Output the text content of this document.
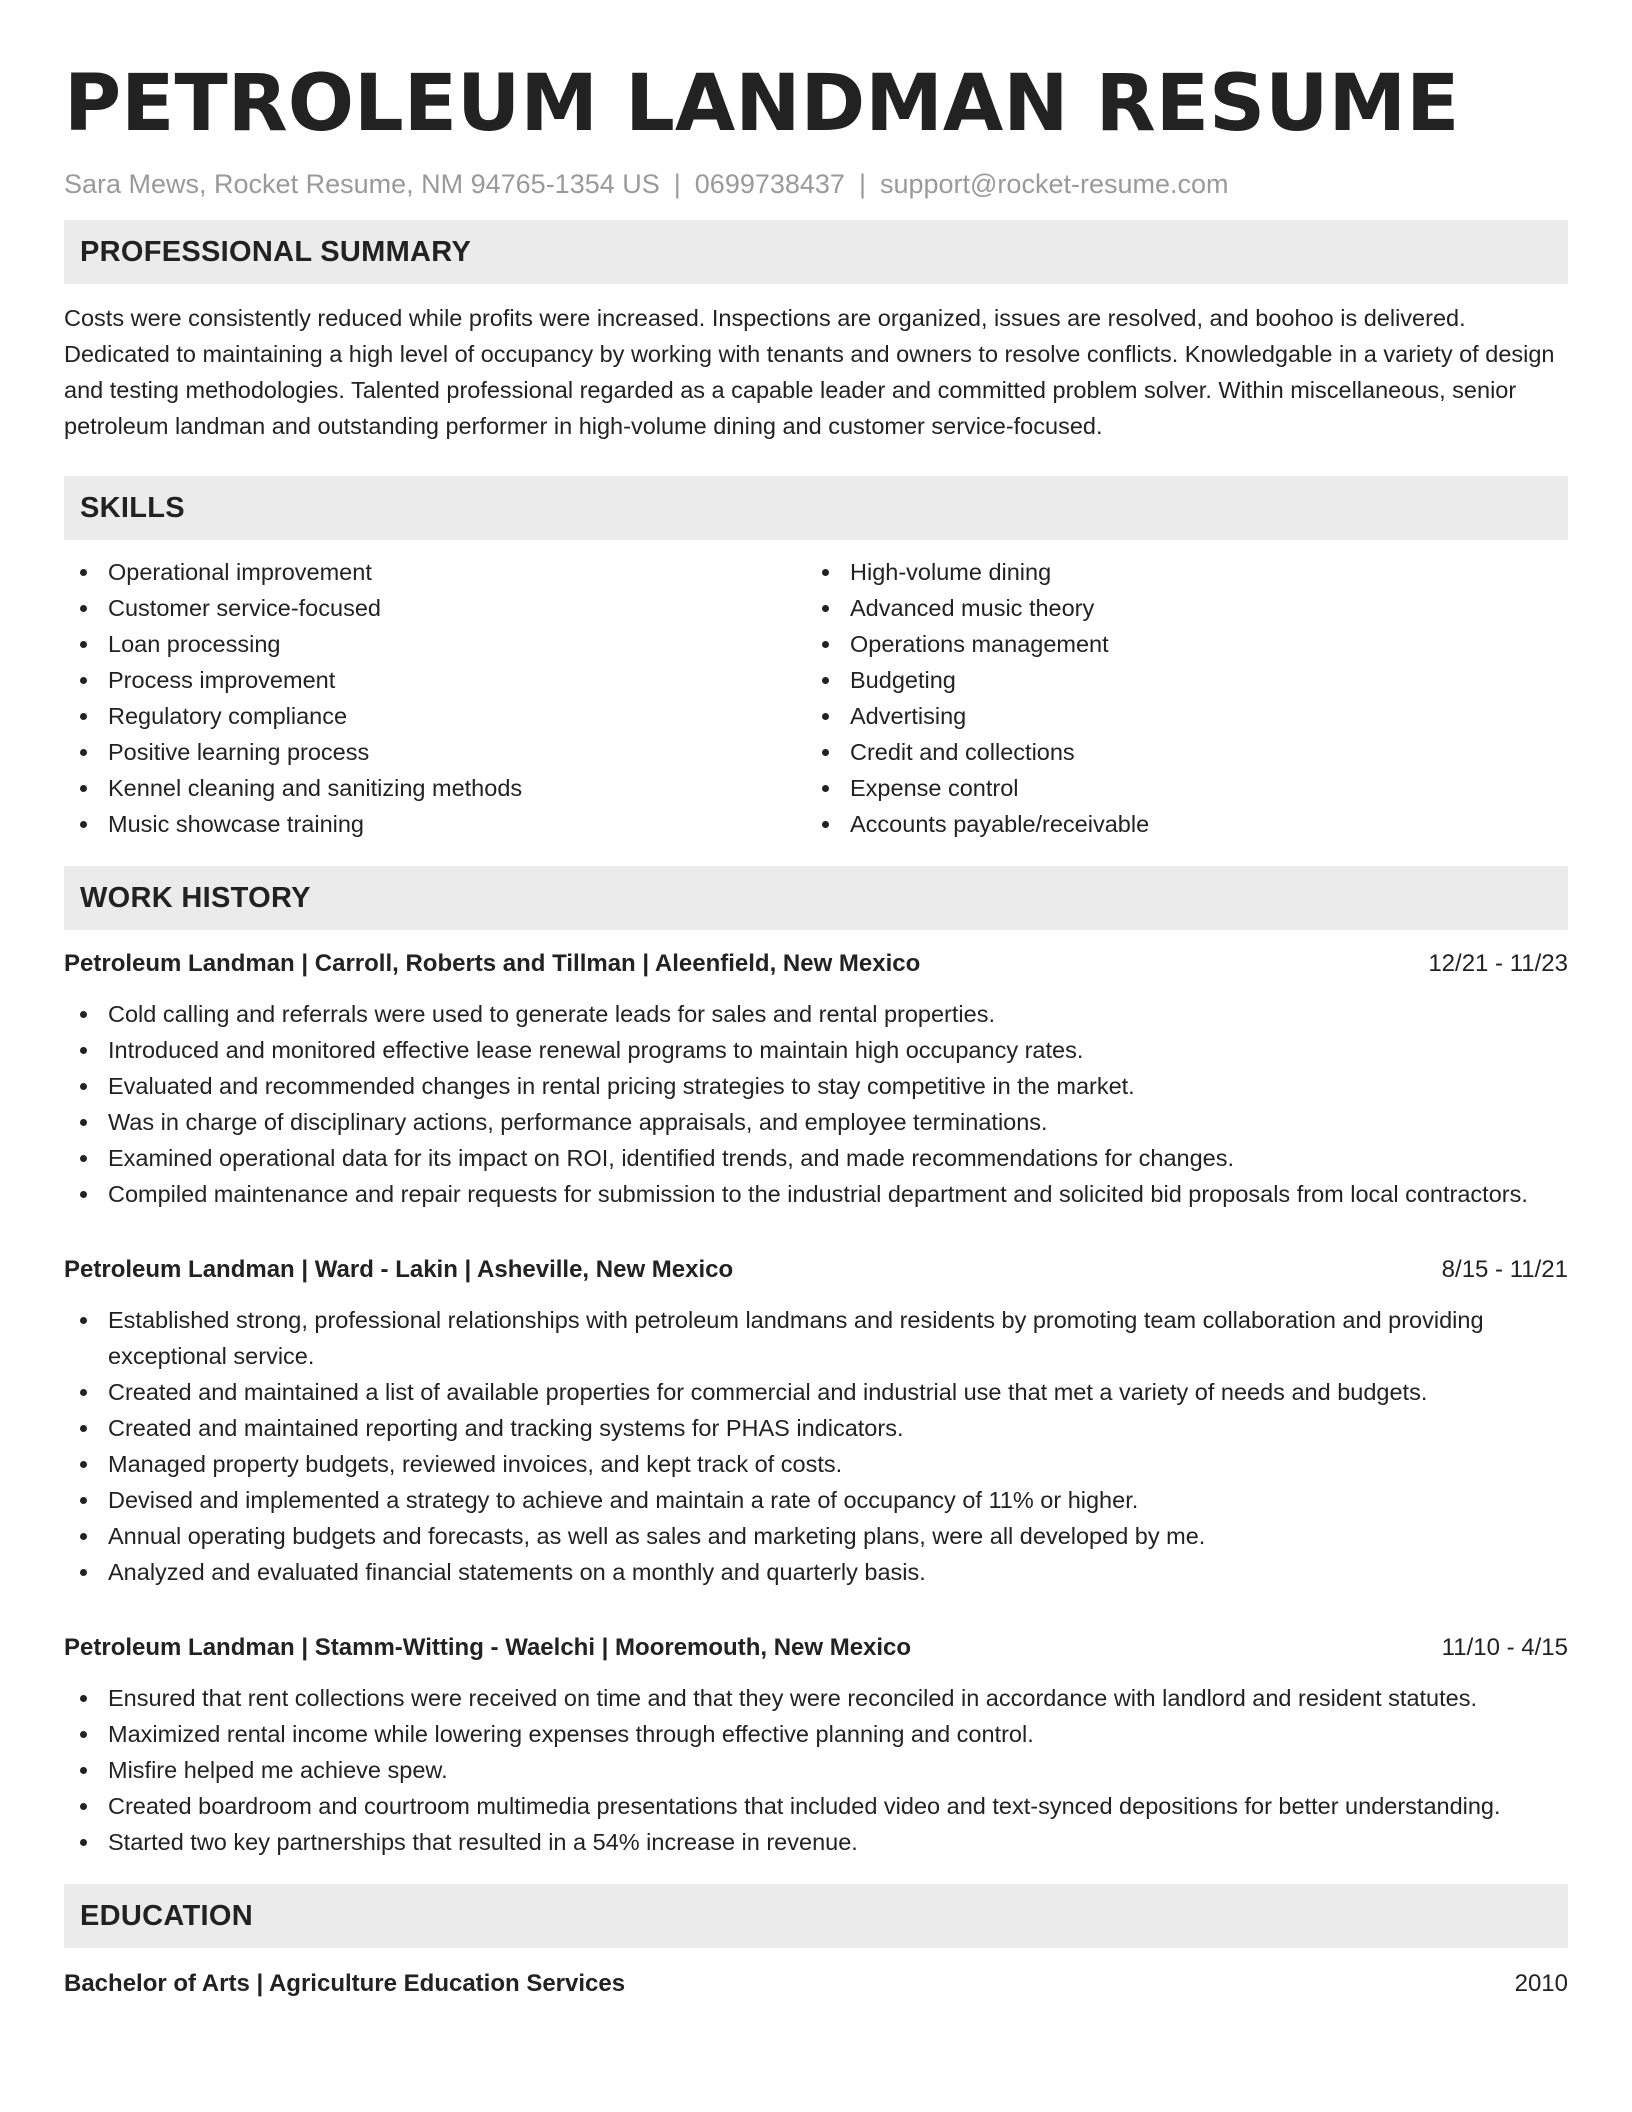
PETROLEUM LANDMAN RESUME
Sara Mews, Rocket Resume, NM 94765-1354 US | 0699738437 | support@rocket-resume.com
PROFESSIONAL SUMMARY

Costs were consistently reduced while profits were increased. Inspections are organized, issues are resolved, and boohoo is delivered. Dedicated to maintaining a high level of occupancy by working with tenants and owners to resolve conflicts. Knowledgable in a variety of design and testing methodologies. Talented professional regarded as a capable leader and committed problem solver. Within miscellaneous, senior petroleum landman and outstanding performer in high-volume dining and customer service-focused.

SKILLS
Operational improvement
Customer service-focused
Loan processing
Process improvement
Regulatory compliance
Positive learning process
Kennel cleaning and sanitizing methods
Music showcase training
High-volume dining
Advanced music theory
Operations management
Budgeting
Advertising
Credit and collections
Expense control
Accounts payable/receivable
WORK HISTORY
Petroleum Landman | Carroll, Roberts and Tillman | Aleenfield, New Mexico	12/21 - 11/23
Cold calling and referrals were used to generate leads for sales and rental properties.
Introduced and monitored effective lease renewal programs to maintain high occupancy rates.
Evaluated and recommended changes in rental pricing strategies to stay competitive in the market.
Was in charge of disciplinary actions, performance appraisals, and employee terminations.
Examined operational data for its impact on ROI, identified trends, and made recommendations for changes.
Compiled maintenance and repair requests for submission to the industrial department and solicited bid proposals from local contractors.
Petroleum Landman | Ward - Lakin | Asheville, New Mexico	8/15 - 11/21
Established strong, professional relationships with petroleum landmans and residents by promoting team collaboration and providing exceptional service.
Created and maintained a list of available properties for commercial and industrial use that met a variety of needs and budgets.
Created and maintained reporting and tracking systems for PHAS indicators.
Managed property budgets, reviewed invoices, and kept track of costs.
Devised and implemented a strategy to achieve and maintain a rate of occupancy of 11% or higher.
Annual operating budgets and forecasts, as well as sales and marketing plans, were all developed by me.
Analyzed and evaluated financial statements on a monthly and quarterly basis.
Petroleum Landman | Stamm-Witting - Waelchi | Mooremouth, New Mexico	11/10 - 4/15
Ensured that rent collections were received on time and that they were reconciled in accordance with landlord and resident statutes.
Maximized rental income while lowering expenses through effective planning and control.
Misfire helped me achieve spew.
Created boardroom and courtroom multimedia presentations that included video and text-synced depositions for better understanding.
Started two key partnerships that resulted in a 54% increase in revenue.
EDUCATION
Bachelor of Arts | Agriculture Education Services	2010
